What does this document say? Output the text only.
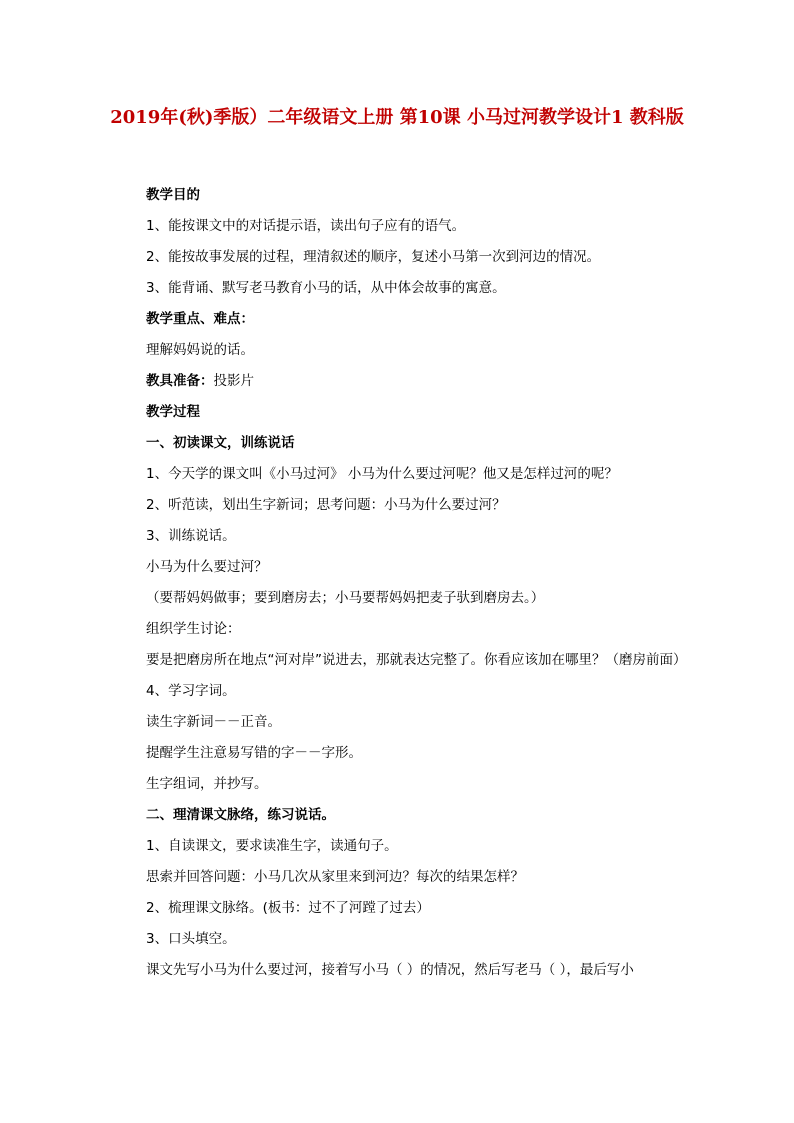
2019年(秋)季版）二年级语文上册 第10课 小马过河教学设计1 教科版
教学目的
1、能按课文中的对话提示语，读出句子应有的语气。
2、能按故事发展的过程，理清叙述的顺序，复述小马第一次到河边的情况。
3、能背诵、默写老马教育小马的话，从中体会故事的寓意。
教学重点、难点：
理解妈妈说的话。
教具准备：投影片
教学过程
一、初读课文，训练说话
1、今天学的课文叫《小马过河》 小马为什么要过河呢？他又是怎样过河的呢？
2、听范读，划出生字新词；思考问题：小马为什么要过河？
3、训练说话。
小马为什么要过河？
（要帮妈妈做事；要到磨房去；小马要帮妈妈把麦子驮到磨房去。）
组织学生讨论：
要是把磨房所在地点“河对岸”说进去，那就表达完整了。你看应该加在哪里？（磨房前面）
4、学习字词。
读生字新词－－正音。
提醒学生注意易写错的字－－字形。
生字组词，并抄写。
二、理清课文脉络，练习说话。
1、自读课文，要求读准生字，读通句子。
思索并回答问题：小马几次从家里来到河边？每次的结果怎样？
2、梳理课文脉络。(板书：过不了河蹚了过去）
3、口头填空。
课文先写小马为什么要过河，接着写小马（ ）的情况，然后写老马（ ），最后写小
